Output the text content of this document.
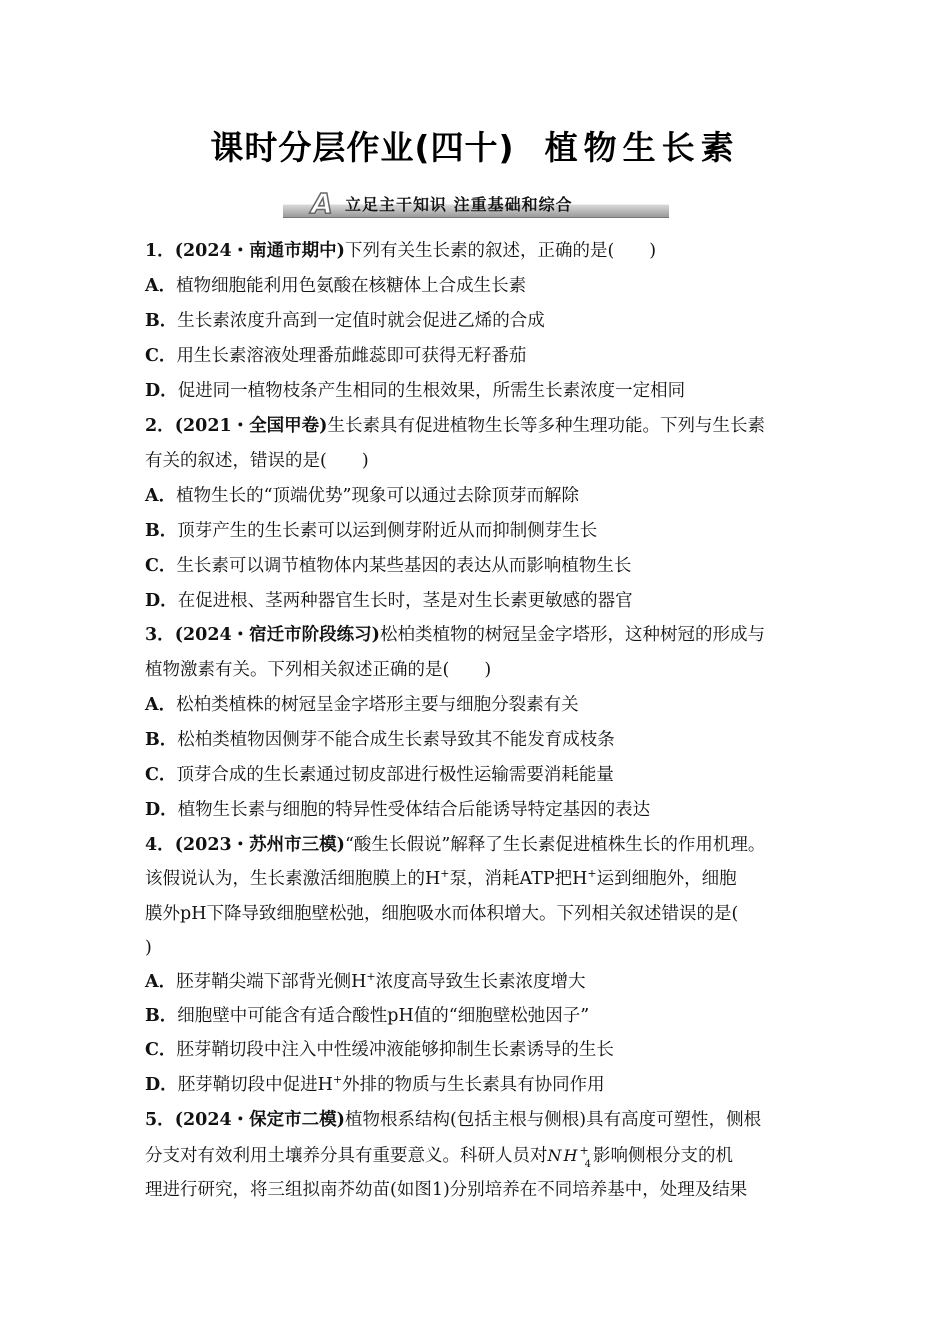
课时分层作业(四十) 植物生长素
A 立足主干知识 注重基础和综合
1．(2024・南通市期中)下列有关生长素的叙述，正确的是(　　)
A．植物细胞能利用色氨酸在核糖体上合成生长素
B．生长素浓度升高到一定值时就会促进乙烯的合成
C．用生长素溶液处理番茄雌蕊即可获得无籽番茄
D．促进同一植物枝条产生相同的生根效果，所需生长素浓度一定相同
2．(2021・全国甲卷)生长素具有促进植物生长等多种生理功能。下列与生长素
有关的叙述，错误的是(　　)
A．植物生长的“顶端优势”现象可以通过去除顶芽而解除
B．顶芽产生的生长素可以运到侧芽附近从而抑制侧芽生长
C．生长素可以调节植物体内某些基因的表达从而影响植物生长
D．在促进根、茎两种器官生长时，茎是对生长素更敏感的器官
3．(2024・宿迁市阶段练习)松柏类植物的树冠呈金字塔形，这种树冠的形成与
植物激素有关。下列相关叙述正确的是(　　)
A．松柏类植株的树冠呈金字塔形主要与细胞分裂素有关
B．松柏类植物因侧芽不能合成生长素导致其不能发育成枝条
C．顶芽合成的生长素通过韧皮部进行极性运输需要消耗能量
D．植物生长素与细胞的特异性受体结合后能诱导特定基因的表达
4．(2023・苏州市三模)“酸生长假说”解释了生长素促进植株生长的作用机理。
该假说认为，生长素激活细胞膜上的H+泵，消耗ATP把H+运到细胞外，细胞
膜外pH下降导致细胞壁松弛，细胞吸水而体积增大。下列相关叙述错误的是(
)
A．胚芽鞘尖端下部背光侧H+浓度高导致生长素浓度增大
B．细胞壁中可能含有适合酸性pH值的“细胞壁松弛因子”
C．胚芽鞘切段中注入中性缓冲液能够抑制生长素诱导的生长
D．胚芽鞘切段中促进H+外排的物质与生长素具有协同作用
5．(2024・保定市二模)植物根系结构(包括主根与侧根)具有高度可塑性，侧根
分支对有效利用土壤养分具有重要意义。科研人员对$NH^+_4$影响侧根分支的机
理进行研究，将三组拟南芥幼苗(如图1)分别培养在不同培养基中，处理及结果
